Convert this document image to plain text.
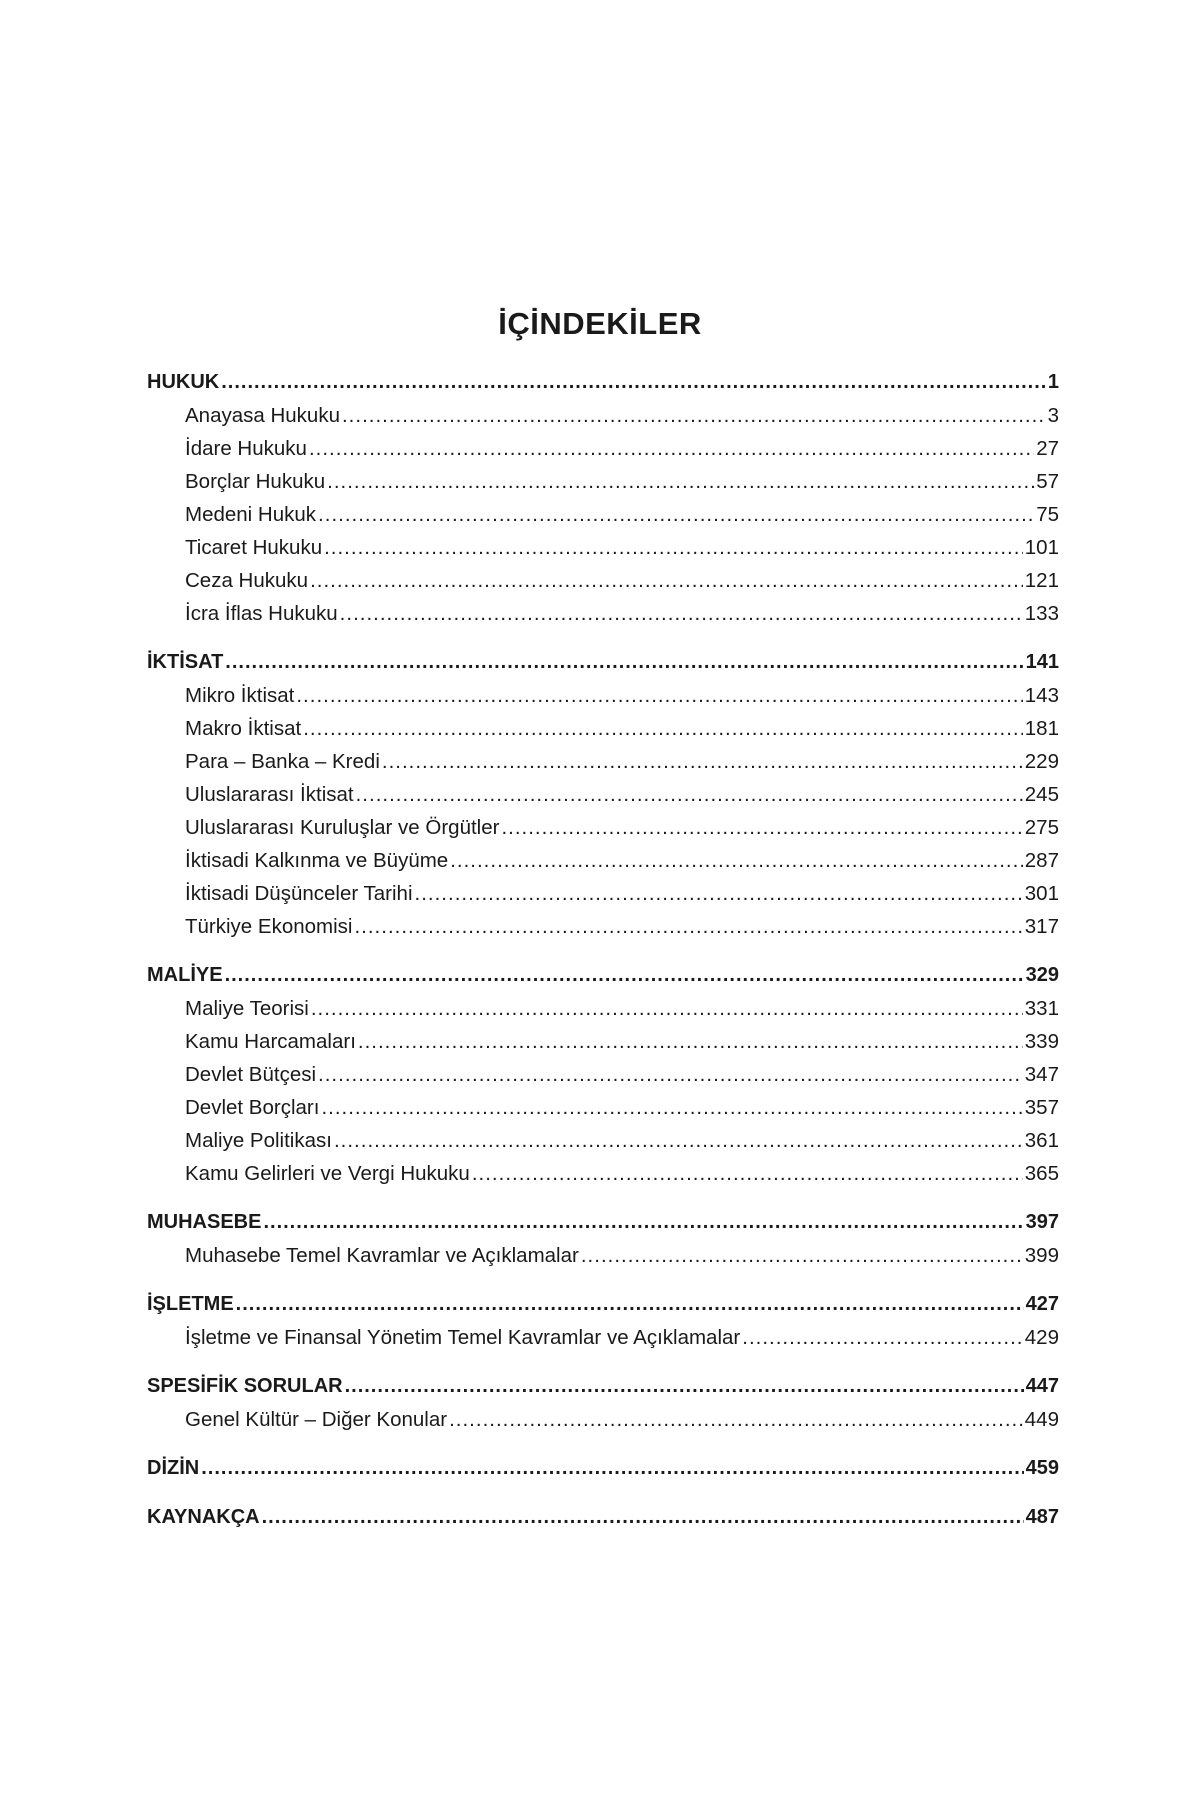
İÇİNDEKİLER
HUKUK .....	1
Anayasa Hukuku .....	3
İdare Hukuku .....	27
Borçlar Hukuku .....	57
Medeni Hukuk .....	75
Ticaret Hukuku .....	101
Ceza Hukuku .....	121
İcra İflas Hukuku .....	133
İKTİSAT .....	141
Mikro İktisat .....	143
Makro İktisat .....	181
Para – Banka – Kredi .....	229
Uluslararası İktisat .....	245
Uluslararası Kuruluşlar ve Örgütler .....	275
İktisadi Kalkınma ve Büyüme .....	287
İktisadi Düşünceler Tarihi .....	301
Türkiye Ekonomisi .....	317
MALİYE .....	329
Maliye Teorisi .....	331
Kamu Harcamaları .....	339
Devlet Bütçesi .....	347
Devlet Borçları .....	357
Maliye Politikası .....	361
Kamu Gelirleri ve Vergi Hukuku .....	365
MUHASEBE .....	397
Muhasebe Temel Kavramlar ve Açıklamalar .....	399
İŞLETME .....	427
İşletme ve Finansal Yönetim Temel Kavramlar ve Açıklamalar .....	429
SPESİFİK SORULAR .....	447
Genel Kültür – Diğer Konular .....	449
DİZİN .....	459
KAYNAKÇA .....	487
